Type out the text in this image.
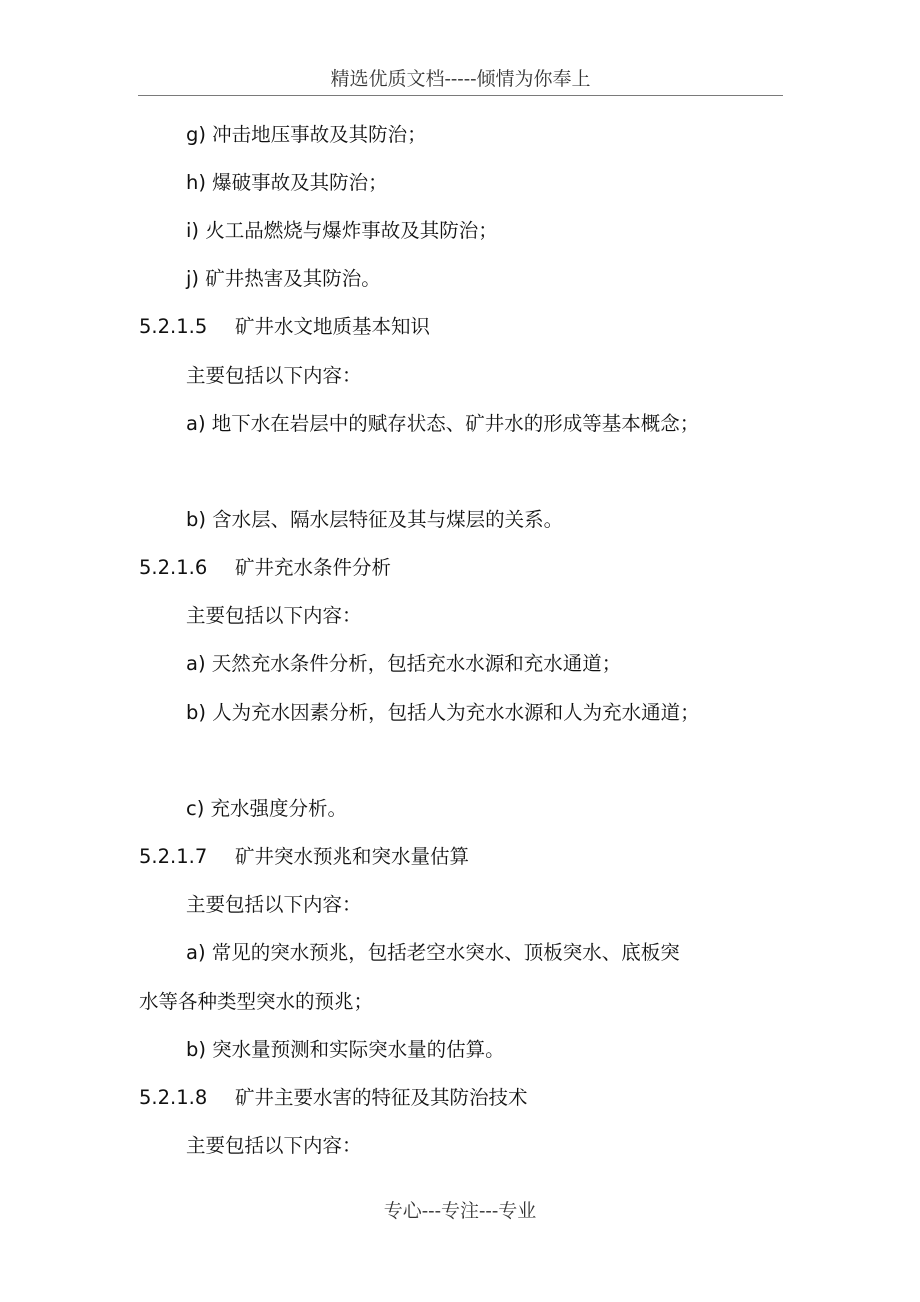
精选优质文档-----倾情为你奉上
g) 冲击地压事故及其防治；
h) 爆破事故及其防治；
i) 火工品燃烧与爆炸事故及其防治；
j) 矿井热害及其防治。
5.2.1.5 矿井水文地质基本知识
主要包括以下内容：
a) 地下水在岩层中的赋存状态、矿井水的形成等基本概念；
b) 含水层、隔水层特征及其与煤层的关系。
5.2.1.6 矿井充水条件分析
主要包括以下内容：
a) 天然充水条件分析，包括充水水源和充水通道；
b) 人为充水因素分析，包括人为充水水源和人为充水通道；
c) 充水强度分析。
5.2.1.7 矿井突水预兆和突水量估算
主要包括以下内容：
a) 常见的突水预兆，包括老空水突水、顶板突水、底板突
水等各种类型突水的预兆；
b) 突水量预测和实际突水量的估算。
5.2.1.8 矿井主要水害的特征及其防治技术
主要包括以下内容：
专心---专注---专业
